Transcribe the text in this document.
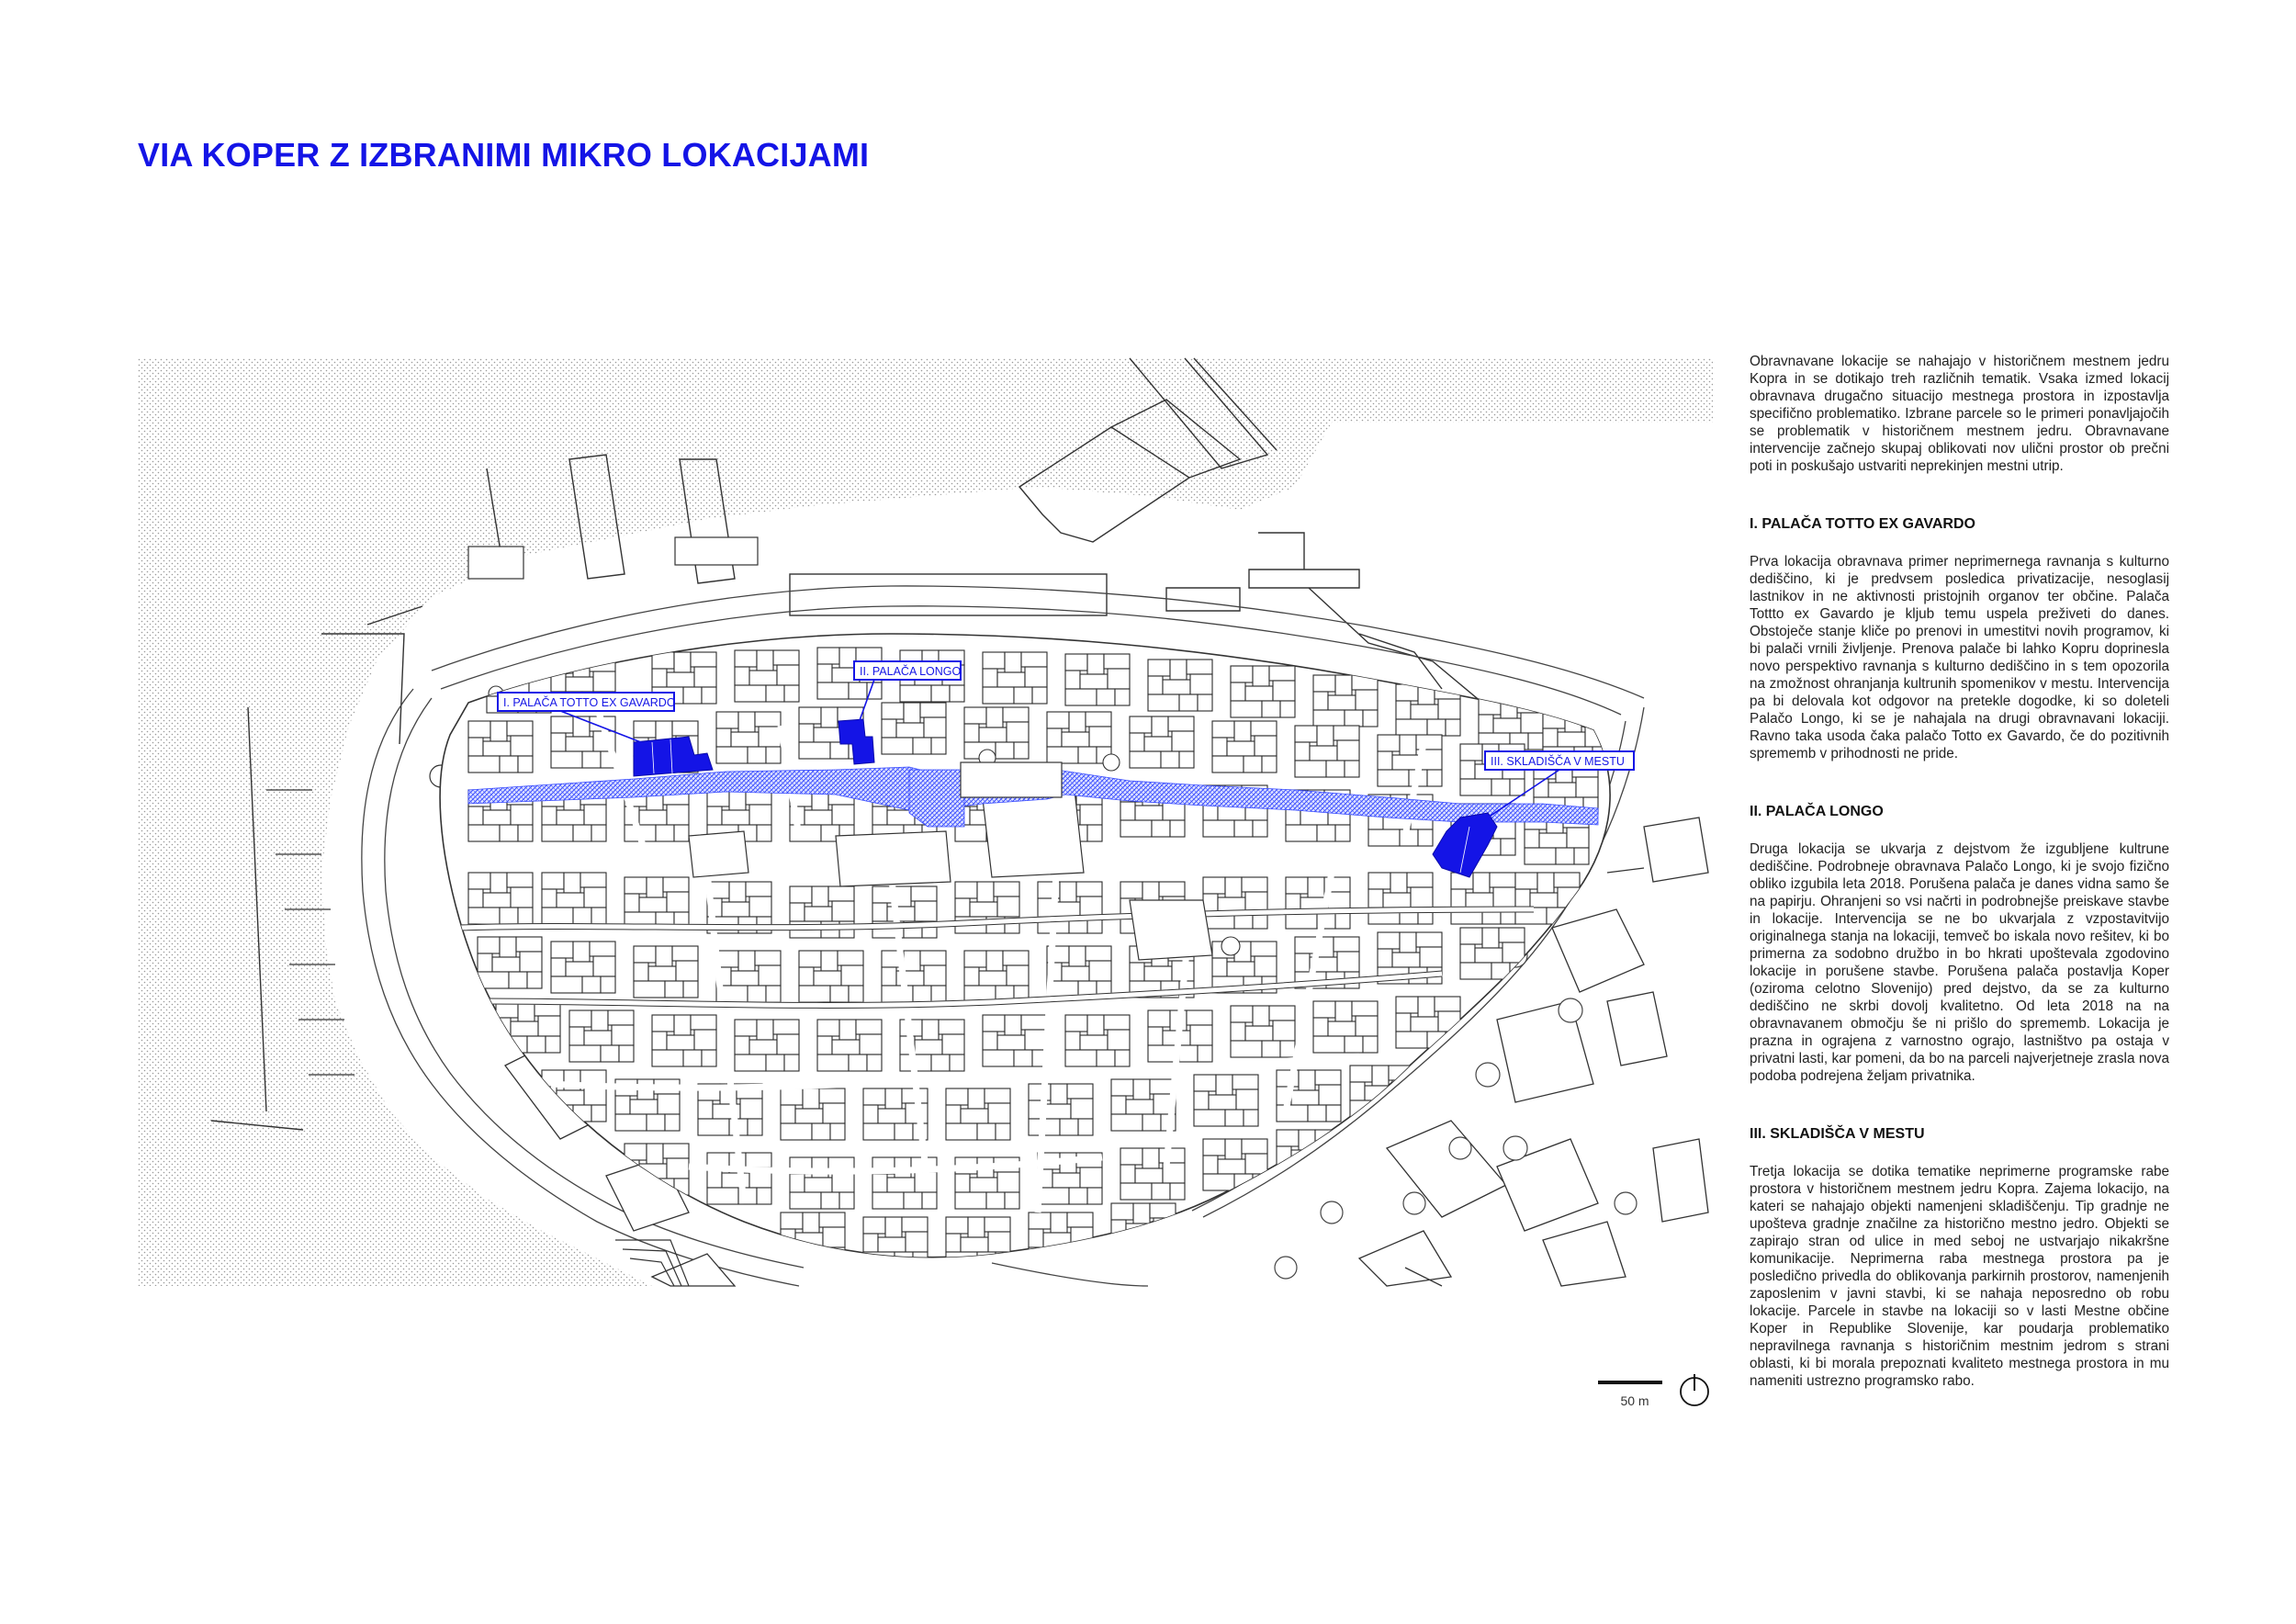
VIA KOPER Z IZBRANIMI MIKRO LOKACIJAMI
I. PALAČA TOTTO EX GAVARDO
II. PALAČA LONGO
III. SKLADIŠČA V MESTU
50 m

Obravnavane lokacije se nahajajo v historičnem mestnem jedru Kopra in se dotikajo treh različnih tematik. Vsaka izmed lokacij obravnava drugačno situacijo mestnega prostora in izpostavlja specifično problematiko. Izbrane parcele so le primeri ponavljajočih se problematik v historičnem mestnem jedru. Obravnavane intervencije začnejo skupaj oblikovati nov ulični prostor ob prečni poti in poskušajo ustvariti neprekinjen mestni utrip.

I. PALAČA TOTTO EX GAVARDO

Prva lokacija obravnava primer neprimernega ravnanja s kulturno dediščino, ki je predvsem posledica privatizacije, nesoglasij lastnikov in ne aktivnosti pristojnih organov ter občine. Palača Tottto ex Gavardo je kljub temu uspela preživeti do danes. Obstoječe stanje kliče po prenovi in umestitvi novih programov, ki bi palači vrnili življenje. Prenova palače bi lahko Kopru doprinesla novo perspektivo ravnanja s kulturno dediščino in s tem opozorila na zmožnost ohranjanja kultrunih spomenikov v mestu. Intervencija pa bi delovala kot odgovor na pretekle dogodke, ki so doleteli Palačo Longo, ki se je nahajala na drugi obravnavani lokaciji. Ravno taka usoda čaka palačo Totto ex Gavardo, če do pozitivnih sprememb v prihodnosti ne pride.

II. PALAČA LONGO

Druga lokacija se ukvarja z dejstvom že izgubljene kultrune dediščine. Podrobneje obravnava Palačo Longo, ki je svojo fizično obliko izgubila leta 2018. Porušena palača je danes vidna samo še na papirju. Ohranjeni so vsi načrti in podrobnejše preiskave stavbe in lokacije. Intervencija se ne bo ukvarjala z vzpostavitvijo originalnega stanja na lokaciji, temveč bo iskala novo rešitev, ki bo primerna za sodobno družbo in bo hkrati upoštevala zgodovino lokacije in porušene stavbe. Porušena palača postavlja Koper (oziroma celotno Slovenijo) pred dejstvo, da se za kulturno dediščino ne skrbi dovolj kvalitetno. Od leta 2018 na na obravnavanem območju še ni prišlo do sprememb. Lokacija je prazna in ograjena z varnostno ograjo, lastništvo pa ostaja v privatni lasti, kar pomeni, da bo na parceli najverjetneje zrasla nova podoba podrejena željam privatnika.

III. SKLADIŠČA V MESTU

Tretja lokacija se dotika tematike neprimerne programske rabe prostora v historičnem mestnem jedru Kopra. Zajema lokacijo, na kateri se nahajajo objekti namenjeni skladiščenju. Tip gradnje ne upošteva gradnje značilne za historično mestno jedro. Objekti se zapirajo stran od ulice in med seboj ne ustvarjajo nikakršne komunikacije. Neprimerna raba mestnega prostora pa je posledično privedla do oblikovanja parkirnih prostorov, namenjenih zaposlenim v javni stavbi, ki se nahaja neposredno ob robu lokacije. Parcele in stavbe na lokaciji so v lasti Mestne občine Koper in Republike Slovenije, kar poudarja problematiko nepravilnega ravnanja s historičnim mestnim jedrom s strani oblasti, ki bi morala prepoznati kvaliteto mestnega prostora in mu nameniti ustrezno programsko rabo.
